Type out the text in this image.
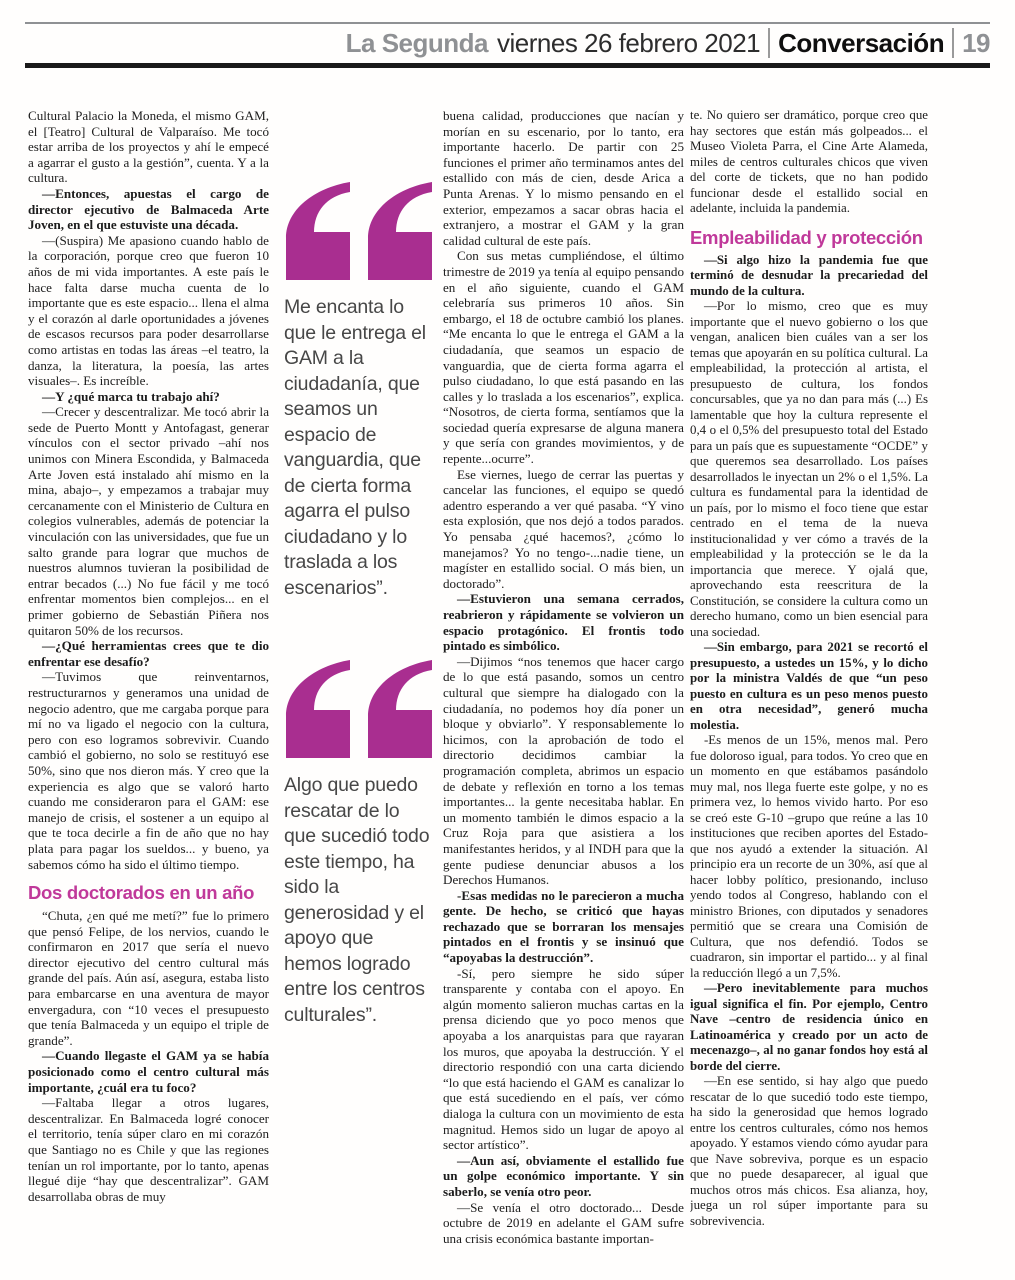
La Segunda viernes 26 febrero 2021 Conversación 19

Cultural Palacio la Moneda, el mismo GAM, el [Teatro] Cultural de Valparaíso. Me tocó estar arriba de los proyectos y ahí le empecé a agarrar el gusto a la gestión”, cuenta. Y a la cultura.

—Entonces, apuestas el cargo de director ejecutivo de Balmaceda Arte Joven, en el que estuviste una década.

—(Suspira) Me apasiono cuando hablo de la corporación, porque creo que fueron 10 años de mi vida importantes. A este país le hace falta darse mucha cuenta de lo importante que es este espacio... llena el alma y el corazón al darle oportunidades a jóvenes de escasos recursos para poder desarrollarse como artistas en todas las áreas –el teatro, la danza, la literatura, la poesía, las artes visuales–. Es increíble.

—Y ¿qué marca tu trabajo ahí?

—Crecer y descentralizar. Me tocó abrir la sede de Puerto Montt y Antofagast, generar vínculos con el sector privado –ahí nos unimos con Minera Escondida, y Balmaceda Arte Joven está instalado ahí mismo en la mina, abajo–, y empezamos a trabajar muy cercanamente con el Ministerio de Cultura en colegios vulnerables, además de potenciar la vinculación con las universidades, que fue un salto grande para lograr que muchos de nuestros alumnos tuvieran la posibilidad de entrar becados (...) No fue fácil y me tocó enfrentar momentos bien complejos... en el primer gobierno de Sebastián Piñera nos quitaron 50% de los recursos.

—¿Qué herramientas crees que te dio enfrentar ese desafío?

—Tuvimos que reinventarnos, restructurarnos y generamos una unidad de negocio adentro, que me cargaba porque para mí no va ligado el negocio con la cultura, pero con eso logramos sobrevivir. Cuando cambió el gobierno, no solo se restituyó ese 50%, sino que nos dieron más. Y creo que la experiencia es algo que se valoró harto cuando me consideraron para el GAM: ese manejo de crisis, el sostener a un equipo al que te toca decirle a fin de año que no hay plata para pagar los sueldos... y bueno, ya sabemos cómo ha sido el último tiempo.

Dos doctorados en un año

“Chuta, ¿en qué me metí?” fue lo primero que pensó Felipe, de los nervios, cuando le confirmaron en 2017 que sería el nuevo director ejecutivo del centro cultural más grande del país. Aún así, asegura, estaba listo para embarcarse en una aventura de mayor envergadura, con “10 veces el presupuesto que tenía Balmaceda y un equipo el triple de grande”.

—Cuando llegaste el GAM ya se había posicionado como el centro cultural más importante, ¿cuál era tu foco?

—Faltaba llegar a otros lugares, descentralizar. En Balmaceda logré conocer el territorio, tenía súper claro en mi corazón que Santiago no es Chile y que las regiones tenían un rol importante, por lo tanto, apenas llegué dije “hay que descentralizar”. GAM desarrollaba obras de muy

Me encanta lo que le entrega el GAM a la ciudadanía, que seamos un espacio de vanguardia, que de cierta forma agarra el pulso ciudadano y lo traslada a los escenarios”.
Algo que puedo rescatar de lo que sucedió todo este tiempo, ha sido la generosidad y el apoyo que hemos logrado entre los centros culturales”.

buena calidad, producciones que nacían y morían en su escenario, por lo tanto, era importante hacerlo. De partir con 25 funciones el primer año terminamos antes del estallido con más de cien, desde Arica a Punta Arenas. Y lo mismo pensando en el exterior, empezamos a sacar obras hacia el extranjero, a mostrar el GAM y la gran calidad cultural de este país.

Con sus metas cumpliéndose, el último trimestre de 2019 ya tenía al equipo pensando en el año siguiente, cuando el GAM celebraría sus primeros 10 años. Sin embargo, el 18 de octubre cambió los planes. “Me encanta lo que le entrega el GAM a la ciudadanía, que seamos un espacio de vanguardia, que de cierta forma agarra el pulso ciudadano, lo que está pasando en las calles y lo traslada a los escenarios”, explica. “Nosotros, de cierta forma, sentíamos que la sociedad quería expresarse de alguna manera y que sería con grandes movimientos, y de repente...ocurre”.

Ese viernes, luego de cerrar las puertas y cancelar las funciones, el equipo se quedó adentro esperando a ver qué pasaba. “Y vino esta explosión, que nos dejó a todos parados. Yo pensaba ¿qué hacemos?, ¿cómo lo manejamos? Yo no tengo-...nadie tiene, un magíster en estallido social. O más bien, un doctorado”.

—Estuvieron una semana cerrados, reabrieron y rápidamente se volvieron un espacio protagónico. El frontis todo pintado es simbólico.

—Dijimos “nos tenemos que hacer cargo de lo que está pasando, somos un centro cultural que siempre ha dialogado con la ciudadanía, no podemos hoy día poner un bloque y obviarlo”. Y responsablemente lo hicimos, con la aprobación de todo el directorio decidimos cambiar la programación completa, abrimos un espacio de debate y reflexión en torno a los temas importantes... la gente necesitaba hablar. En un momento también le dimos espacio a la Cruz Roja para que asistiera a los manifestantes heridos, y al INDH para que la gente pudiese denunciar abusos a los Derechos Humanos.

-Esas medidas no le parecieron a mucha gente. De hecho, se criticó que hayas rechazado que se borraran los mensajes pintados en el frontis y se insinuó que “apoyabas la destrucción”.

-Sí, pero siempre he sido súper transparente y contaba con el apoyo. En algún momento salieron muchas cartas en la prensa diciendo que yo poco menos que apoyaba a los anarquistas para que rayaran los muros, que apoyaba la destrucción. Y el directorio respondió con una carta diciendo “lo que está haciendo el GAM es canalizar lo que está sucediendo en el país, ver cómo dialoga la cultura con un movimiento de esta magnitud. Hemos sido un lugar de apoyo al sector artístico”.

—Aun así, obviamente el estallido fue un golpe económico importante. Y sin saberlo, se venía otro peor.

—Se venía el otro doctorado... Desde octubre de 2019 en adelante el GAM sufre una crisis económica bastante importan-

te. No quiero ser dramático, porque creo que hay sectores que están más golpeados... el Museo Violeta Parra, el Cine Arte Alameda, miles de centros culturales chicos que viven del corte de tickets, que no han podido funcionar desde el estallido social en adelante, incluida la pandemia.

Empleabilidad y protección

—Si algo hizo la pandemia fue que terminó de desnudar la precariedad del mundo de la cultura.

—Por lo mismo, creo que es muy importante que el nuevo gobierno o los que vengan, analicen bien cuáles van a ser los temas que apoyarán en su política cultural. La empleabilidad, la protección al artista, el presupuesto de cultura, los fondos concursables, que ya no dan para más (...) Es lamentable que hoy la cultura represente el 0,4 o el 0,5% del presupuesto total del Estado para un país que es supuestamente “OCDE” y que queremos sea desarrollado. Los países desarrollados le inyectan un 2% o el 1,5%. La cultura es fundamental para la identidad de un país, por lo mismo el foco tiene que estar centrado en el tema de la nueva institucionalidad y ver cómo a través de la empleabilidad y la protección se le da la importancia que merece. Y ojalá que, aprovechando esta reescritura de la Constitución, se considere la cultura como un derecho humano, como un bien esencial para una sociedad.

—Sin embargo, para 2021 se recortó el presupuesto, a ustedes un 15%, y lo dicho por la ministra Valdés de que “un peso puesto en cultura es un peso menos puesto en otra necesidad”, generó mucha molestia.

-Es menos de un 15%, menos mal. Pero fue doloroso igual, para todos. Yo creo que en un momento en que estábamos pasándolo muy mal, nos llega fuerte este golpe, y no es primera vez, lo hemos vivido harto. Por eso se creó este G-10 –grupo que reúne a las 10 instituciones que reciben aportes del Estado- que nos ayudó a extender la situación. Al principio era un recorte de un 30%, así que al hacer lobby político, presionando, incluso yendo todos al Congreso, hablando con el ministro Briones, con diputados y senadores permitió que se creara una Comisión de Cultura, que nos defendió. Todos se cuadraron, sin importar el partido... y al final la reducción llegó a un 7,5%.

—Pero inevitablemente para muchos igual significa el fin. Por ejemplo, Centro Nave –centro de residencia único en Latinoamérica y creado por un acto de mecenazgo–, al no ganar fondos hoy está al borde del cierre.

—En ese sentido, si hay algo que puedo rescatar de lo que sucedió todo este tiempo, ha sido la generosidad que hemos logrado entre los centros culturales, cómo nos hemos apoyado. Y estamos viendo cómo ayudar para que Nave sobreviva, porque es un espacio que no puede desaparecer, al igual que muchos otros más chicos. Esa alianza, hoy, juega un rol súper importante para su sobrevivencia.
